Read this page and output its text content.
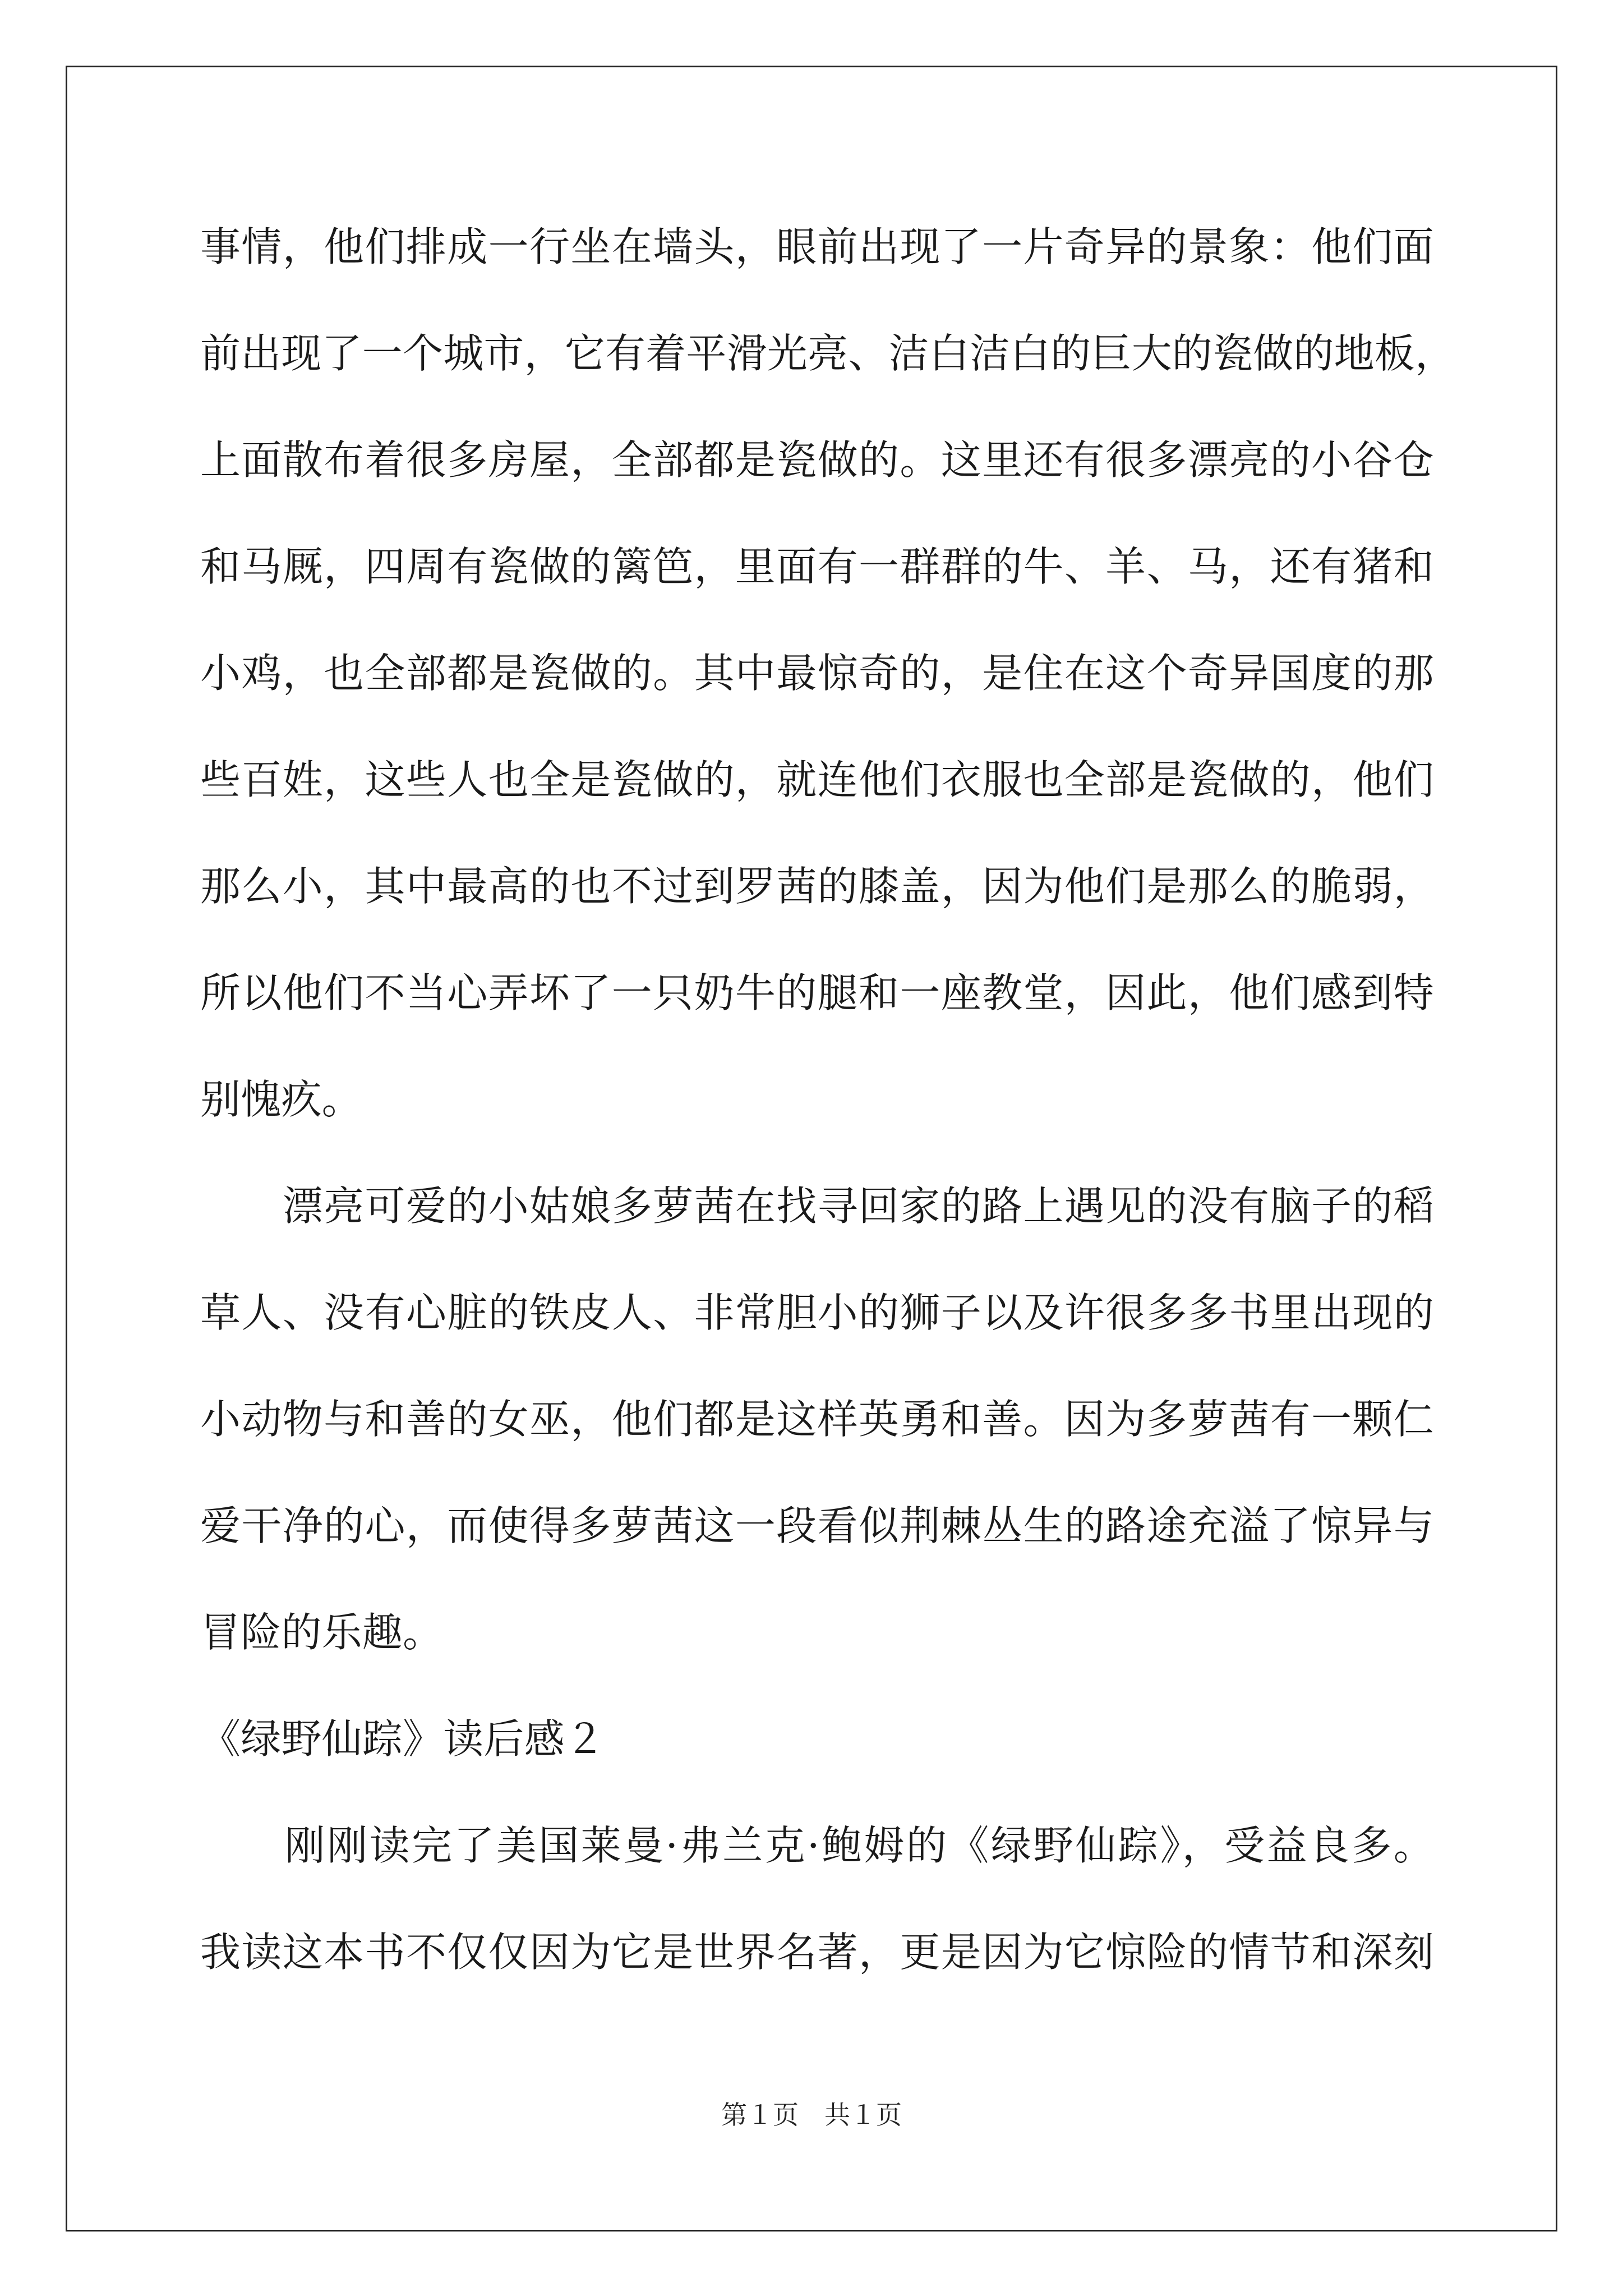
事情，他们排成一行坐在墙头，眼前出现了一片奇异的景象：他们面
前出现了一个城市，它有着平滑光亮、洁白洁白的巨大的瓷做的地板，
上面散布着很多房屋，全部都是瓷做的。这里还有很多漂亮的小谷仓
和马厩，四周有瓷做的篱笆，里面有一群群的牛、羊、马，还有猪和
小鸡，也全部都是瓷做的。其中最惊奇的，是住在这个奇异国度的那
些百姓，这些人也全是瓷做的，就连他们衣服也全部是瓷做的，他们
那么小，其中最高的也不过到罗茜的膝盖，因为他们是那么的脆弱，
所以他们不当心弄坏了一只奶牛的腿和一座教堂，因此，他们感到特
别愧疚。
　　漂亮可爱的小姑娘多萝茜在找寻回家的路上遇见的没有脑子的稻
草人、没有心脏的铁皮人、非常胆小的狮子以及许很多多书里出现的
小动物与和善的女巫，他们都是这样英勇和善。因为多萝茜有一颗仁
爱干净的心，而使得多萝茜这一段看似荆棘丛生的路途充溢了惊异与
冒险的乐趣。
《绿野仙踪》读后感２
　　刚刚读完了美国莱曼·弗兰克·鲍姆的《绿野仙踪》，受益良多。
我读这本书不仅仅因为它是世界名著，更是因为它惊险的情节和深刻
第１页　共１页
